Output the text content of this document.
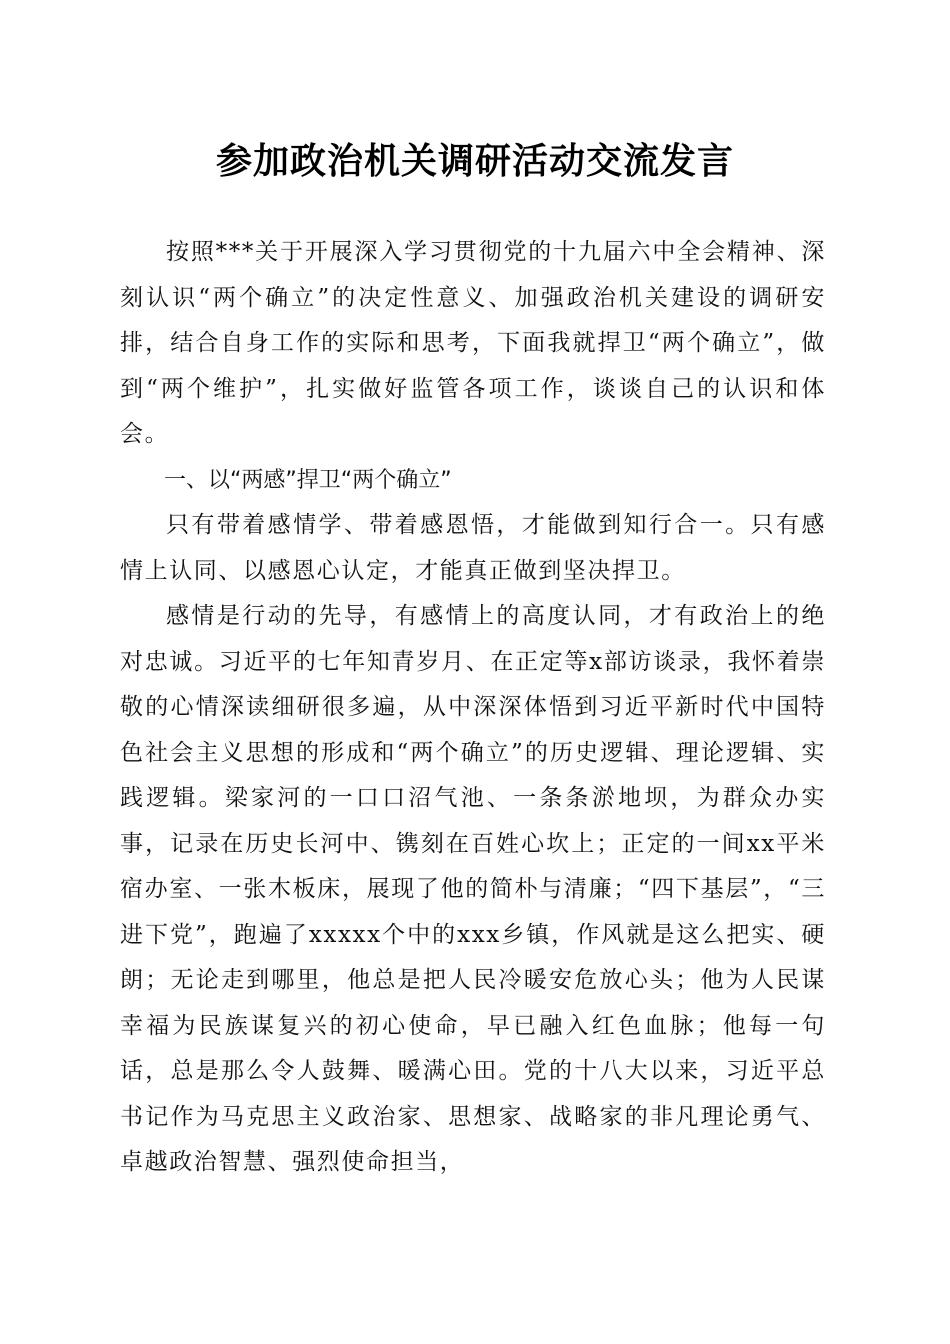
参加政治机关调研活动交流发言

按照***关于开展深入学习贯彻党的十九届六中全会精神、深刻认识“两个确立”的决定性意义、加强政治机关建设的调研安排，结合自身工作的实际和思考，下面我就捍卫“两个确立”，做到“两个维护”，扎实做好监管各项工作，谈谈自己的认识和体会。

一、以“两感”捍卫“两个确立”

只有带着感情学、带着感恩悟，才能做到知行合一。只有感情上认同、以感恩心认定，才能真正做到坚决捍卫。

感情是行动的先导，有感情上的高度认同，才有政治上的绝对忠诚。习近平的七年知青岁月、在正定等x部访谈录，我怀着崇敬的心情深读细研很多遍，从中深深体悟到习近平新时代中国特色社会主义思想的形成和“两个确立”的历史逻辑、理论逻辑、实践逻辑。梁家河的一口口沼气池、一条条淤地坝，为群众办实事，记录在历史长河中、镌刻在百姓心坎上；正定的一间xx平米宿办室、一张木板床，展现了他的简朴与清廉；“四下基层”，“三进下党”，跑遍了xxxxx个中的xxx乡镇，作风就是这么把实、硬朗；无论走到哪里，他总是把人民冷暖安危放心头；他为人民谋幸福为民族谋复兴的初心使命，早已融入红色血脉；他每一句话，总是那么令人鼓舞、暖满心田。党的十八大以来，习近平总书记作为马克思主义政治家、思想家、战略家的非凡理论勇气、卓越政治智慧、强烈使命担当，
